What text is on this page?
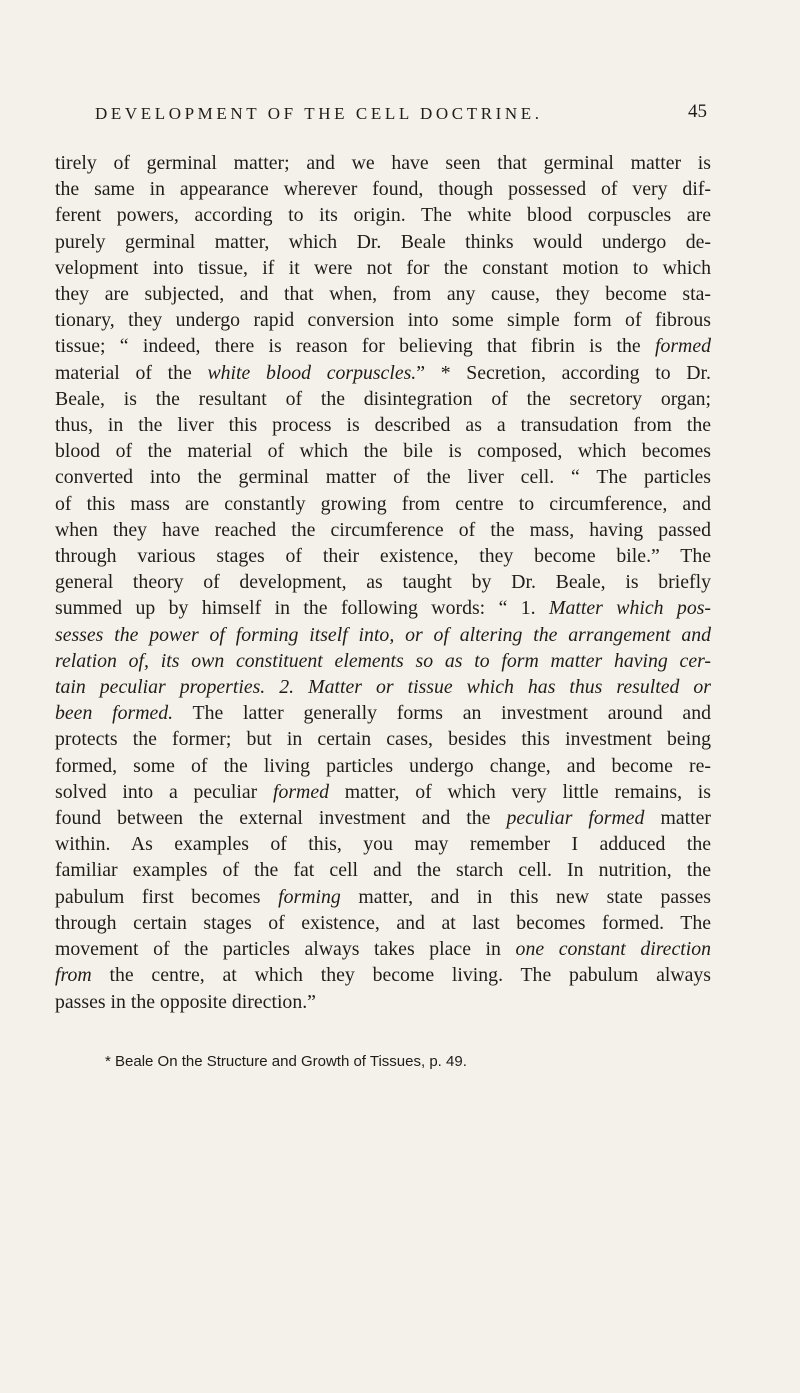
DEVELOPMENT OF THE CELL DOCTRINE.	45
tirely of germinal matter; and we have seen that germinal matter is
the same in appearance wherever found, though possessed of very dif-
ferent powers, according to its origin. The white blood corpuscles are
purely germinal matter, which Dr. Beale thinks would undergo de-
velopment into tissue, if it were not for the constant motion to which
they are subjected, and that when, from any cause, they become sta-
tionary, they undergo rapid conversion into some simple form of fibrous
tissue; “ indeed, there is reason for believing that fibrin is the formed
material of the white blood corpuscles.” * Secretion, according to Dr.
Beale, is the resultant of the disintegration of the secretory organ;
thus, in the liver this process is described as a transudation from the
blood of the material of which the bile is composed, which becomes
converted into the germinal matter of the liver cell. “ The particles
of this mass are constantly growing from centre to circumference, and
when they have reached the circumference of the mass, having passed
through various stages of their existence, they become bile.” The
general theory of development, as taught by Dr. Beale, is briefly
summed up by himself in the following words: “ 1. Matter which pos-
sesses the power of forming itself into, or of altering the arrangement and
relation of, its own constituent elements so as to form matter having cer-
tain peculiar properties. 2. Matter or tissue which has thus resulted or
been formed. The latter generally forms an investment around and
protects the former; but in certain cases, besides this investment being
formed, some of the living particles undergo change, and become re-
solved into a peculiar formed matter, of which very little remains, is
found between the external investment and the peculiar formed matter
within. As examples of this, you may remember I adduced the
familiar examples of the fat cell and the starch cell. In nutrition, the
pabulum first becomes forming matter, and in this new state passes
through certain stages of existence, and at last becomes formed. The
movement of the particles always takes place in one constant direction
from the centre, at which they become living. The pabulum always
passes in the opposite direction.”
* Beale On the Structure and Growth of Tissues, p. 49.
